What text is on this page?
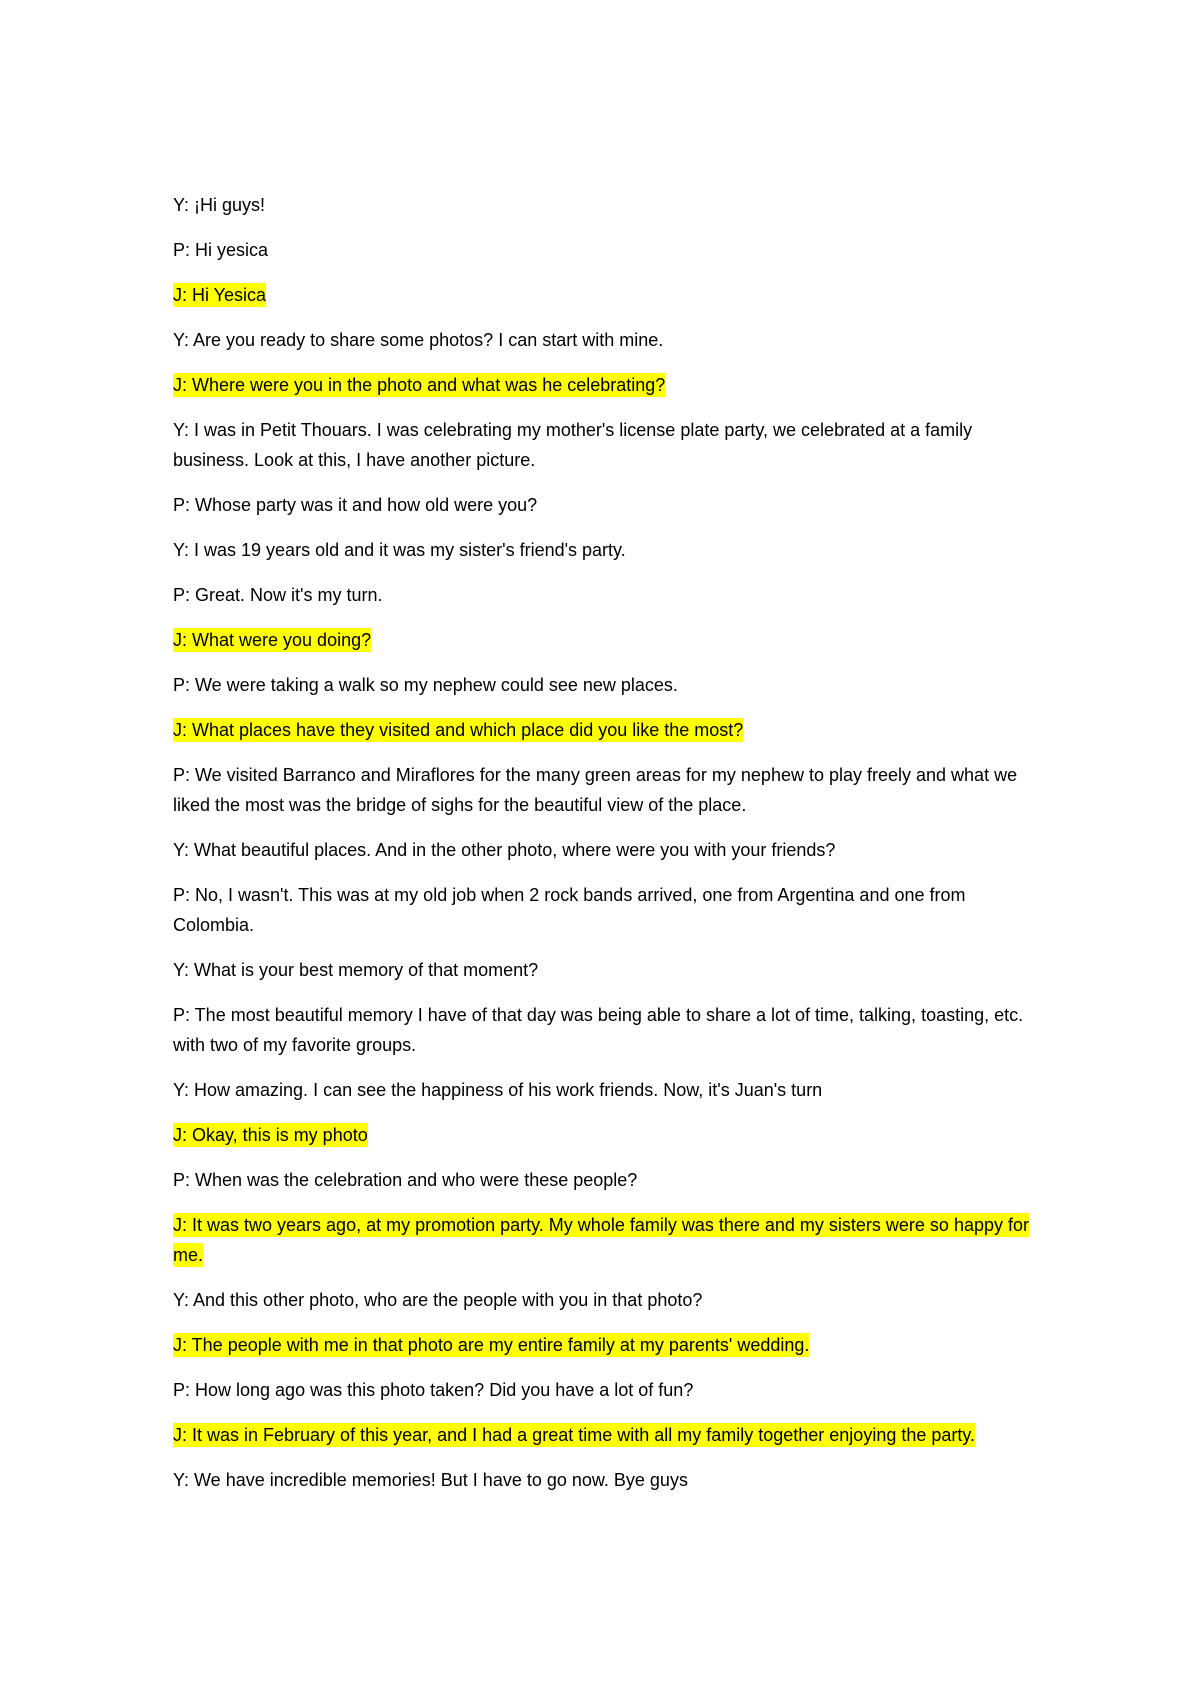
Y: ¡Hi guys!

P: Hi yesica

J: Hi Yesica

Y: Are you ready to share some photos? I can start with mine.

J: Where were you in the photo and what was he celebrating?

Y: I was in Petit Thouars. I was celebrating my mother's license plate party, we celebrated at a family business. Look at this, I have another picture.

P: Whose party was it and how old were you?

Y: I was 19 years old and it was my sister's friend's party.

P: Great. Now it's my turn.

J: What were you doing?

P: We were taking a walk so my nephew could see new places.

J: What places have they visited and which place did you like the most?

P: We visited Barranco and Miraflores for the many green areas for my nephew to play freely and what we liked the most was the bridge of sighs for the beautiful view of the place.

Y: What beautiful places. And in the other photo, where were you with your friends?

P: No, I wasn't. This was at my old job when 2 rock bands arrived, one from Argentina and one from Colombia.

Y: What is your best memory of that moment?

P: The most beautiful memory I have of that day was being able to share a lot of time, talking, toasting, etc. with two of my favorite groups.

Y: How amazing. I can see the happiness of his work friends. Now, it's Juan's turn

J: Okay, this is my photo

P: When was the celebration and who were these people?

J: It was two years ago, at my promotion party. My whole family was there and my sisters were so happy for me.

Y: And this other photo, who are the people with you in that photo?

J: The people with me in that photo are my entire family at my parents' wedding.

P: How long ago was this photo taken? Did you have a lot of fun?

J: It was in February of this year, and I had a great time with all my family together enjoying the party.

Y: We have incredible memories! But I have to go now. Bye guys
